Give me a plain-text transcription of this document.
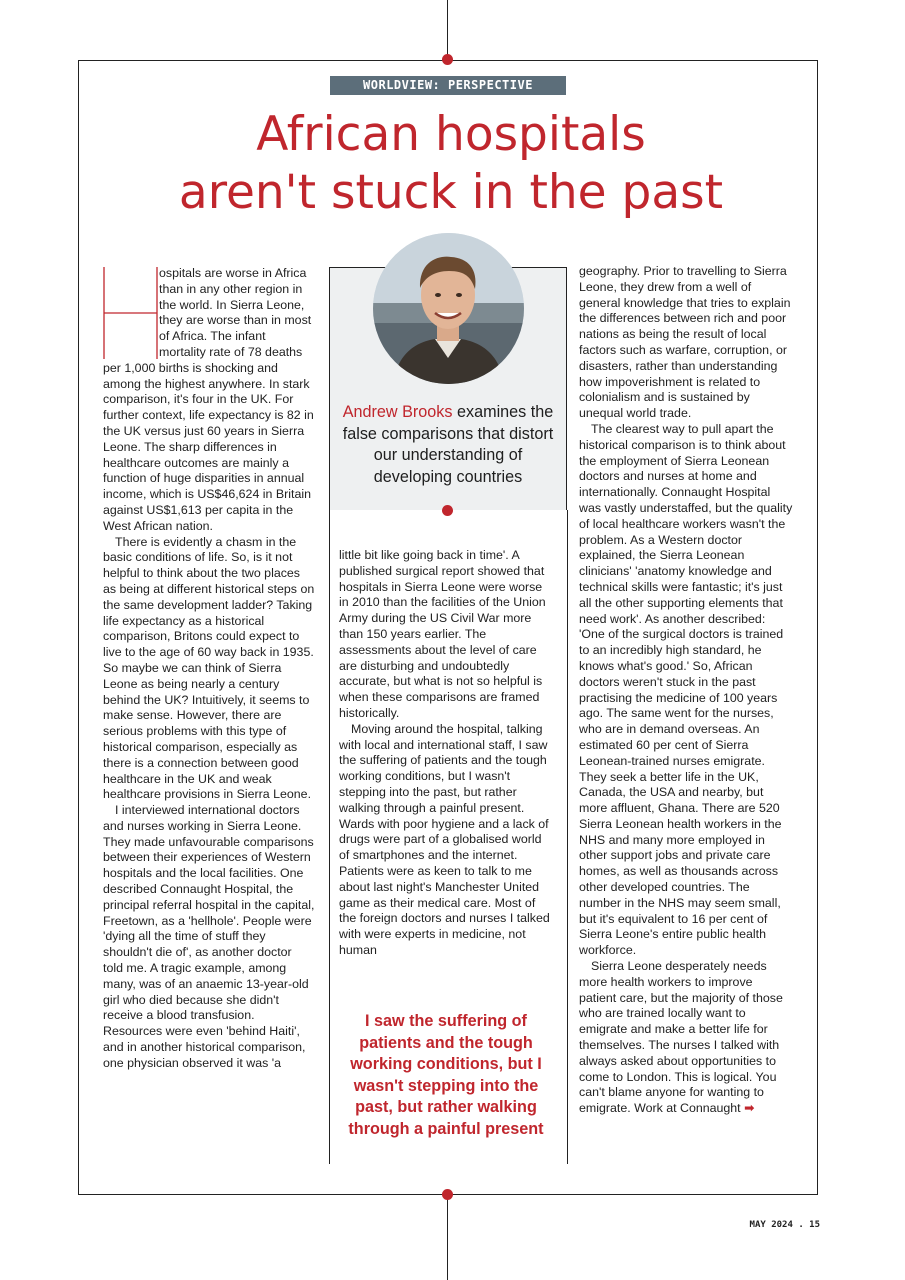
WORLDVIEW: PERSPECTIVE
African hospitals
aren't stuck in the past
Andrew Brooks examines the false comparisons that distort our understanding of developing countries

ospitals are worse in Africa than in any other region in the world. In Sierra Leone, they are worse than in most of Africa. The infant mortality rate of 78 deaths per 1,000 births is shocking and among the highest anywhere. In stark comparison, it's four in the UK. For further context, life expectancy is 82 in the UK versus just 60 years in Sierra Leone. The sharp differences in healthcare outcomes are mainly a function of huge disparities in annual income, which is US$46,624 in Britain against US$1,613 per capita in the West African nation.

There is evidently a chasm in the basic conditions of life. So, is it not helpful to think about the two places as being at different historical steps on the same development ladder? Taking life expectancy as a historical comparison, Britons could expect to live to the age of 60 way back in 1935. So maybe we can think of Sierra Leone as being nearly a century behind the UK? Intuitively, it seems to make sense. However, there are serious problems with this type of historical comparison, especially as there is a connection between good healthcare in the UK and weak healthcare provisions in Sierra Leone.

I interviewed international doctors and nurses working in Sierra Leone. They made unfavourable comparisons between their experiences of Western hospitals and the local facilities. One described Connaught Hospital, the principal referral hospital in the capital, Freetown, as a 'hellhole'. People were 'dying all the time of stuff they shouldn't die of', as another doctor told me. A tragic example, among many, was of an anaemic 13-year-old girl who died because she didn't receive a blood transfusion. Resources were even 'behind Haiti', and in another historical comparison, one physician observed it was 'a

little bit like going back in time'. A published surgical report showed that hospitals in Sierra Leone were worse in 2010 than the facilities of the Union Army during the US Civil War more than 150 years earlier. The assessments about the level of care are disturbing and undoubtedly accurate, but what is not so helpful is when these comparisons are framed historically.

Moving around the hospital, talking with local and international staff, I saw the suffering of patients and the tough working conditions, but I wasn't stepping into the past, but rather walking through a painful present. Wards with poor hygiene and a lack of drugs were part of a globalised world of smartphones and the internet. Patients were as keen to talk to me about last night's Manchester United game as their medical care. Most of the foreign doctors and nurses I talked with were experts in medicine, not human

I saw the suffering of patients and the tough working conditions, but I wasn't stepping into the past, but rather walking through a painful present

geography. Prior to travelling to Sierra Leone, they drew from a well of general knowledge that tries to explain the differences between rich and poor nations as being the result of local factors such as warfare, corruption, or disasters, rather than understanding how impoverishment is related to colonialism and is sustained by unequal world trade.

The clearest way to pull apart the historical comparison is to think about the employment of Sierra Leonean doctors and nurses at home and internationally. Connaught Hospital was vastly understaffed, but the quality of local healthcare workers wasn't the problem. As a Western doctor explained, the Sierra Leonean clinicians' 'anatomy knowledge and technical skills were fantastic; it's just all the other supporting elements that need work'. As another described: 'One of the surgical doctors is trained to an incredibly high standard, he knows what's good.' So, African doctors weren't stuck in the past practising the medicine of 100 years ago. The same went for the nurses, who are in demand overseas. An estimated 60 per cent of Sierra Leonean-trained nurses emigrate. They seek a better life in the UK, Canada, the USA and nearby, but more affluent, Ghana. There are 520 Sierra Leonean health workers in the NHS and many more employed in other support jobs and private care homes, as well as thousands across other developed countries. The number in the NHS may seem small, but it's equivalent to 16 per cent of Sierra Leone's entire public health workforce.

Sierra Leone desperately needs more health workers to improve patient care, but the majority of those who are trained locally want to emigrate and make a better life for themselves. The nurses I talked with always asked about opportunities to come to London. This is logical. You can't blame anyone for wanting to emigrate. Work at Connaught ➡

MAY 2024 . 15
